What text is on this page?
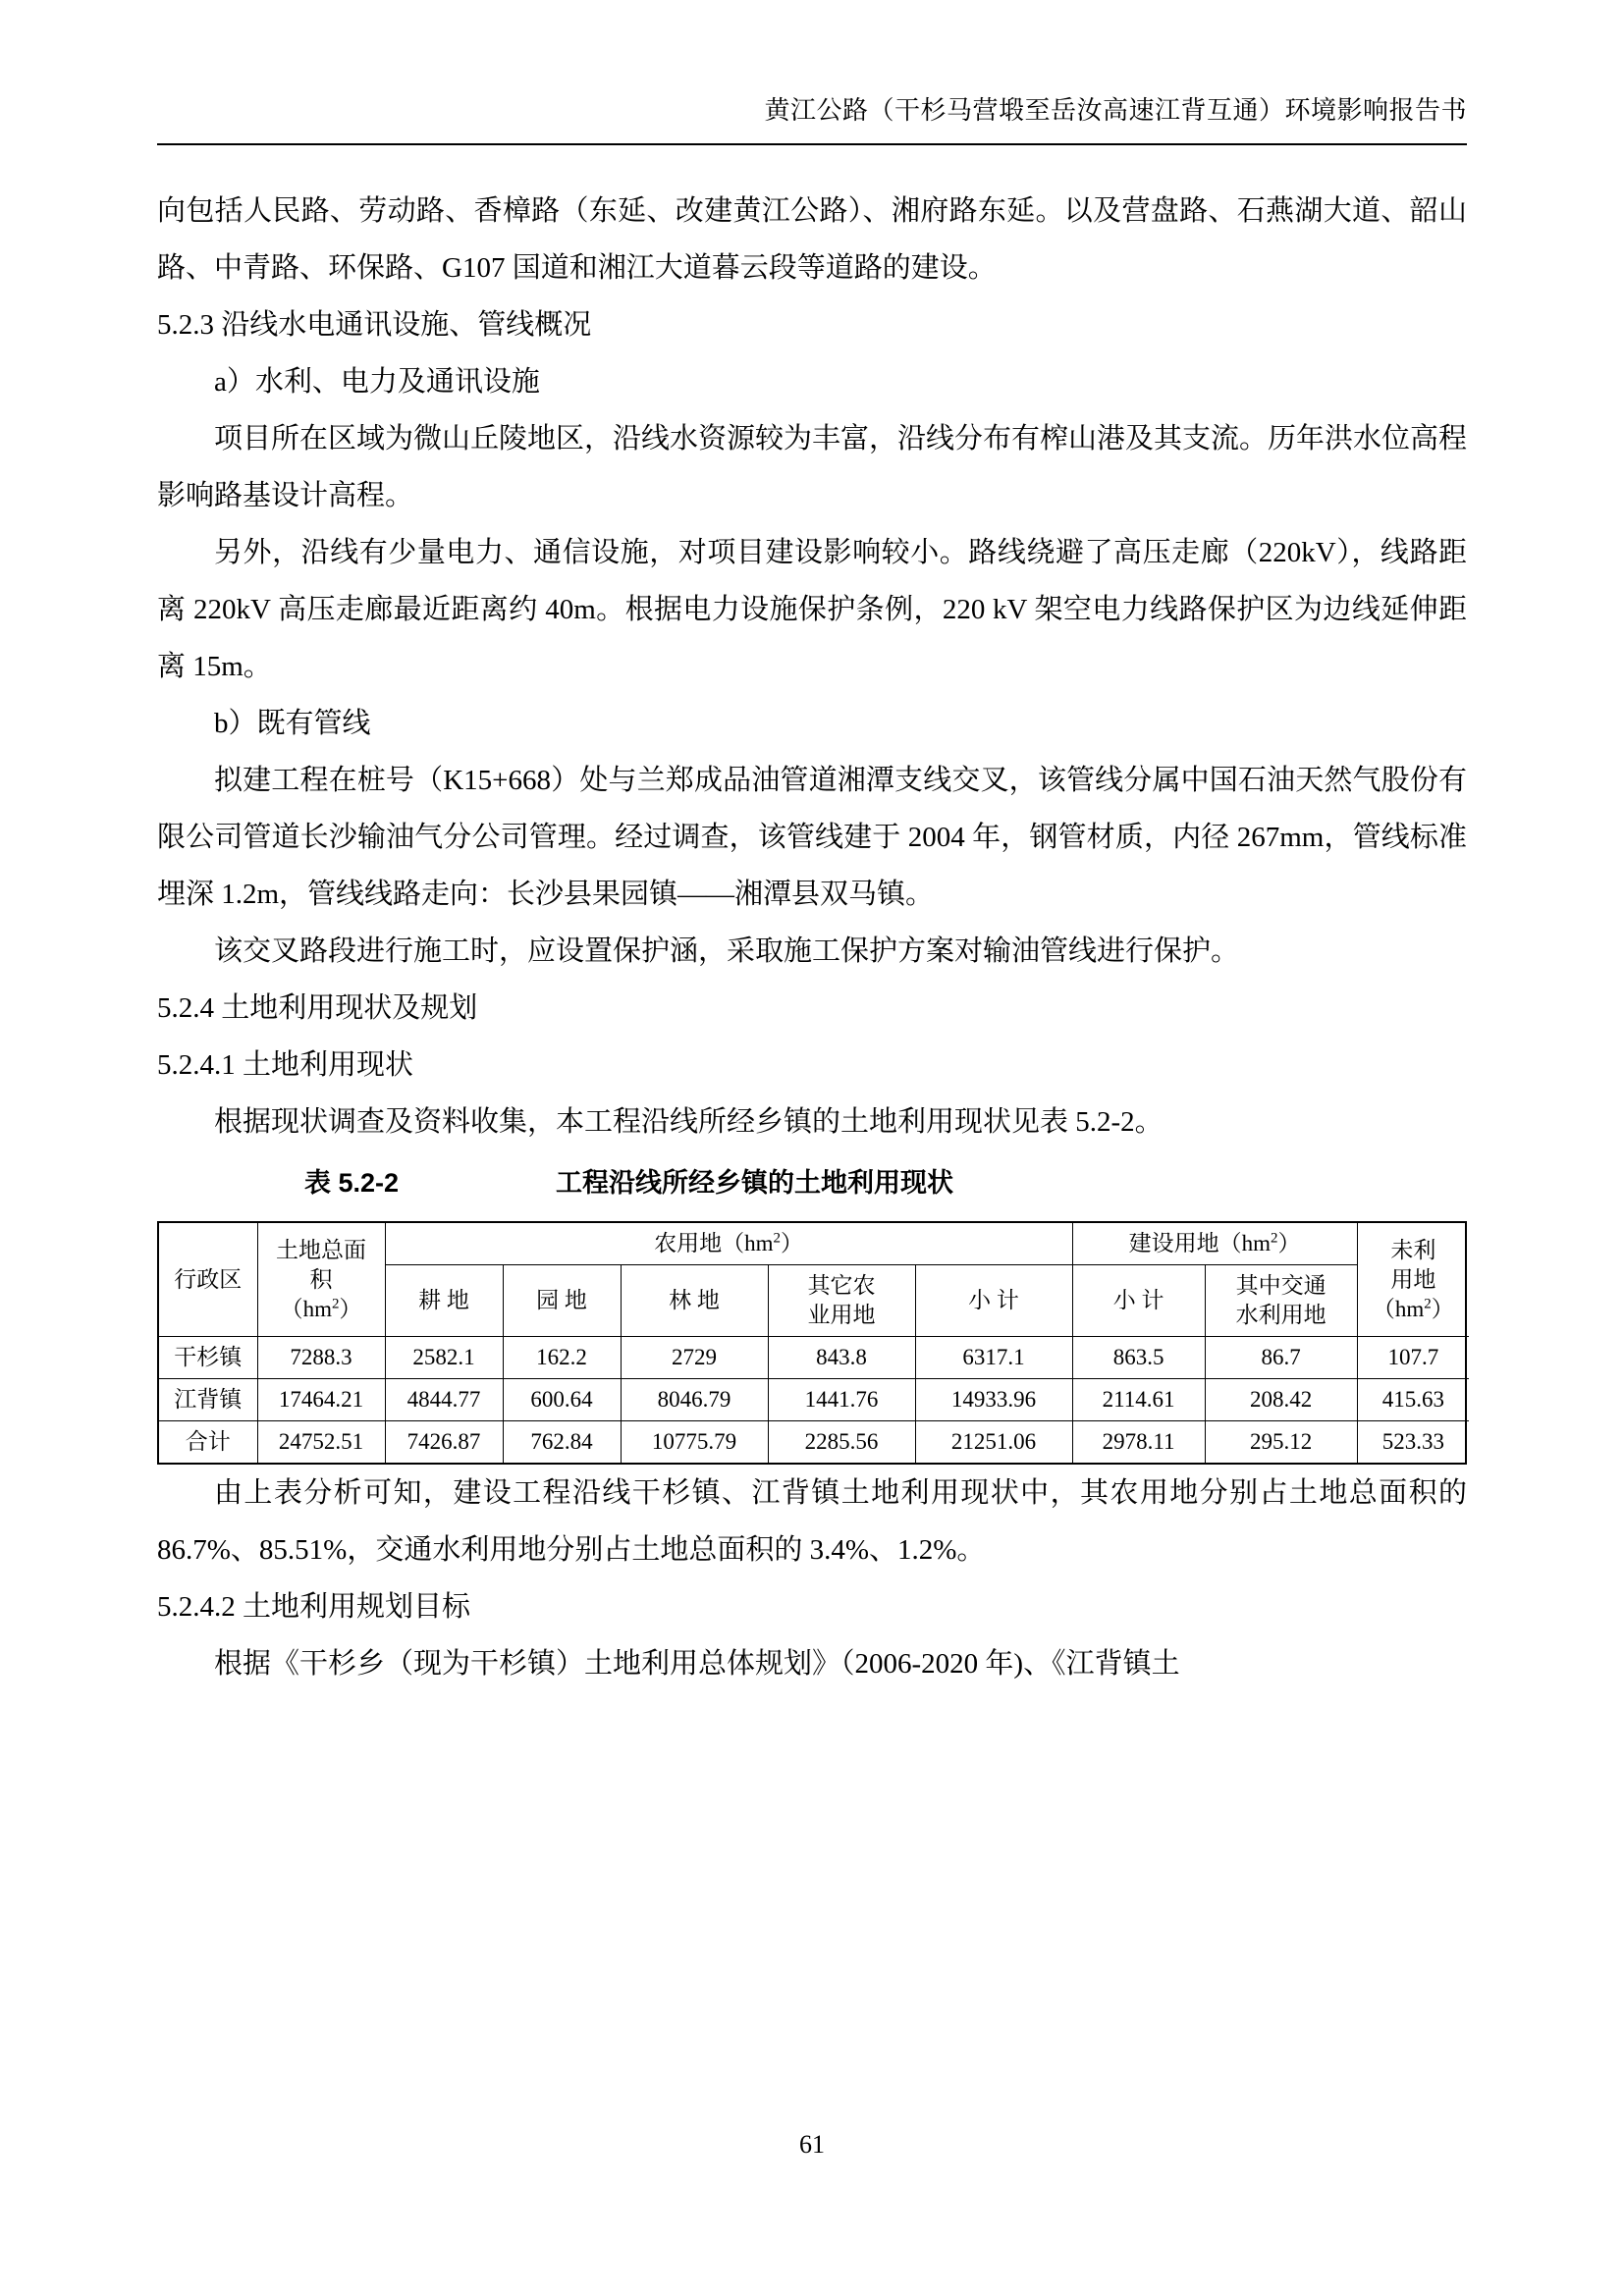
黄江公路（干杉马营塅至岳汝高速江背互通）环境影响报告书

向包括人民路、劳动路、香樟路（东延、改建黄江公路）、湘府路东延。以及营盘路、石燕湖大道、韶山路、中青路、环保路、G107 国道和湘江大道暮云段等道路的建设。

5.2.3 沿线水电通讯设施、管线概况

a）水利、电力及通讯设施

项目所在区域为微山丘陵地区，沿线水资源较为丰富，沿线分布有榨山港及其支流。历年洪水位高程影响路基设计高程。

另外，沿线有少量电力、通信设施，对项目建设影响较小。路线绕避了高压走廊（220kV），线路距离 220kV 高压走廊最近距离约 40m。根据电力设施保护条例，220 kV 架空电力线路保护区为边线延伸距离 15m。

b）既有管线

拟建工程在桩号（K15+668）处与兰郑成品油管道湘潭支线交叉，该管线分属中国石油天然气股份有限公司管道长沙输油气分公司管理。经过调查，该管线建于 2004 年，钢管材质，内径 267mm，管线标准埋深 1.2m，管线线路走向：长沙县果园镇——湘潭县双马镇。

该交叉路段进行施工时，应设置保护涵，采取施工保护方案对输油管线进行保护。

5.2.4 土地利用现状及规划

5.2.4.1 土地利用现状

根据现状调查及资料收集，本工程沿线所经乡镇的土地利用现状见表 5.2-2。

表 5.2-2	工程沿线所经乡镇的土地利用现状
行政区	土地总面
积
$(hm^2)$	农用地$(hm^2)$					建设用地$(hm^2)$		未利
用地
$(hm^2)$
		耕 地	园 地	林 地	其它农
业用地	小 计	小 计	其中交通
水利用地	
干杉镇	7288.3	2582.1	162.2	2729	843.8	6317.1	863.5	86.7	107.7
江背镇	17464.21	4844.77	600.64	8046.79	1441.76	14933.96	2114.61	208.42	415.63
合计	24752.51	7426.87	762.84	10775.79	2285.56	21251.06	2978.11	295.12	523.33

由上表分析可知，建设工程沿线干杉镇、江背镇土地利用现状中，其农用地分别占土地总面积的 86.7%、85.51%，交通水利用地分别占土地总面积的 3.4%、1.2%。

5.2.4.2 土地利用规划目标

根据《干杉乡（现为干杉镇）土地利用总体规划》（2006-2020 年)、《江背镇土

61
